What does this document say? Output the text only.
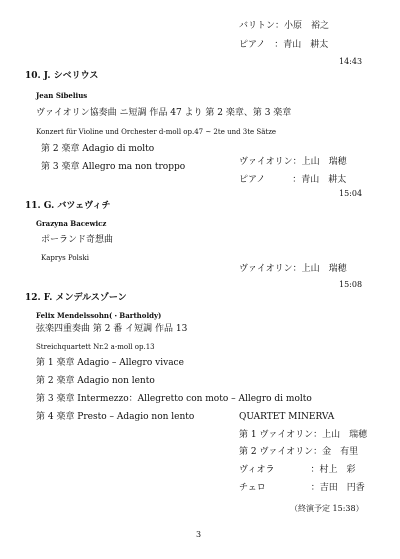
バリトン：小原　裕之
ピアノ　：青山　耕太
14:43
10. J. シベリウス
Jean Sibelius
ヴァイオリン協奏曲 ニ短調 作品 47 より 第 2 楽章、第 3 楽章
Konzert für Violine und Orchester d-moll op.47 ~ 2te und 3te Sätze
第 2 楽章 Adagio di molto
第 3 楽章 Allegro ma non troppo	ヴァイオリン：上山　瑞穂
ピアノ　　　：青山　耕太
15:04
11. G. バツェヴィチ
Grazyna Bacewicz
ポーランド奇想曲
Kaprys Polski
ヴァイオリン：上山　瑞穂
15:08
12. F. メンデルスゾーン
Felix Mendelssohn(・Bartholdy)
弦楽四重奏曲 第 2 番 イ短調 作品 13
Streichquartett Nr.2 a-moll op.13
第 1 楽章 Adagio – Allegro vivace
第 2 楽章 Adagio non lento
第 3 楽章 Intermezzo：Allegretto con moto – Allegro di molto
第 4 楽章 Presto – Adagio non lento	QUARTET MINERVA
第 1 ヴァイオリン：上山　瑞穂
第 2 ヴァイオリン：金　有里
ヴィオラ　　　　：村上　彩
チェロ　　　　　：吉田　円香
（終演予定 15:38）
3
